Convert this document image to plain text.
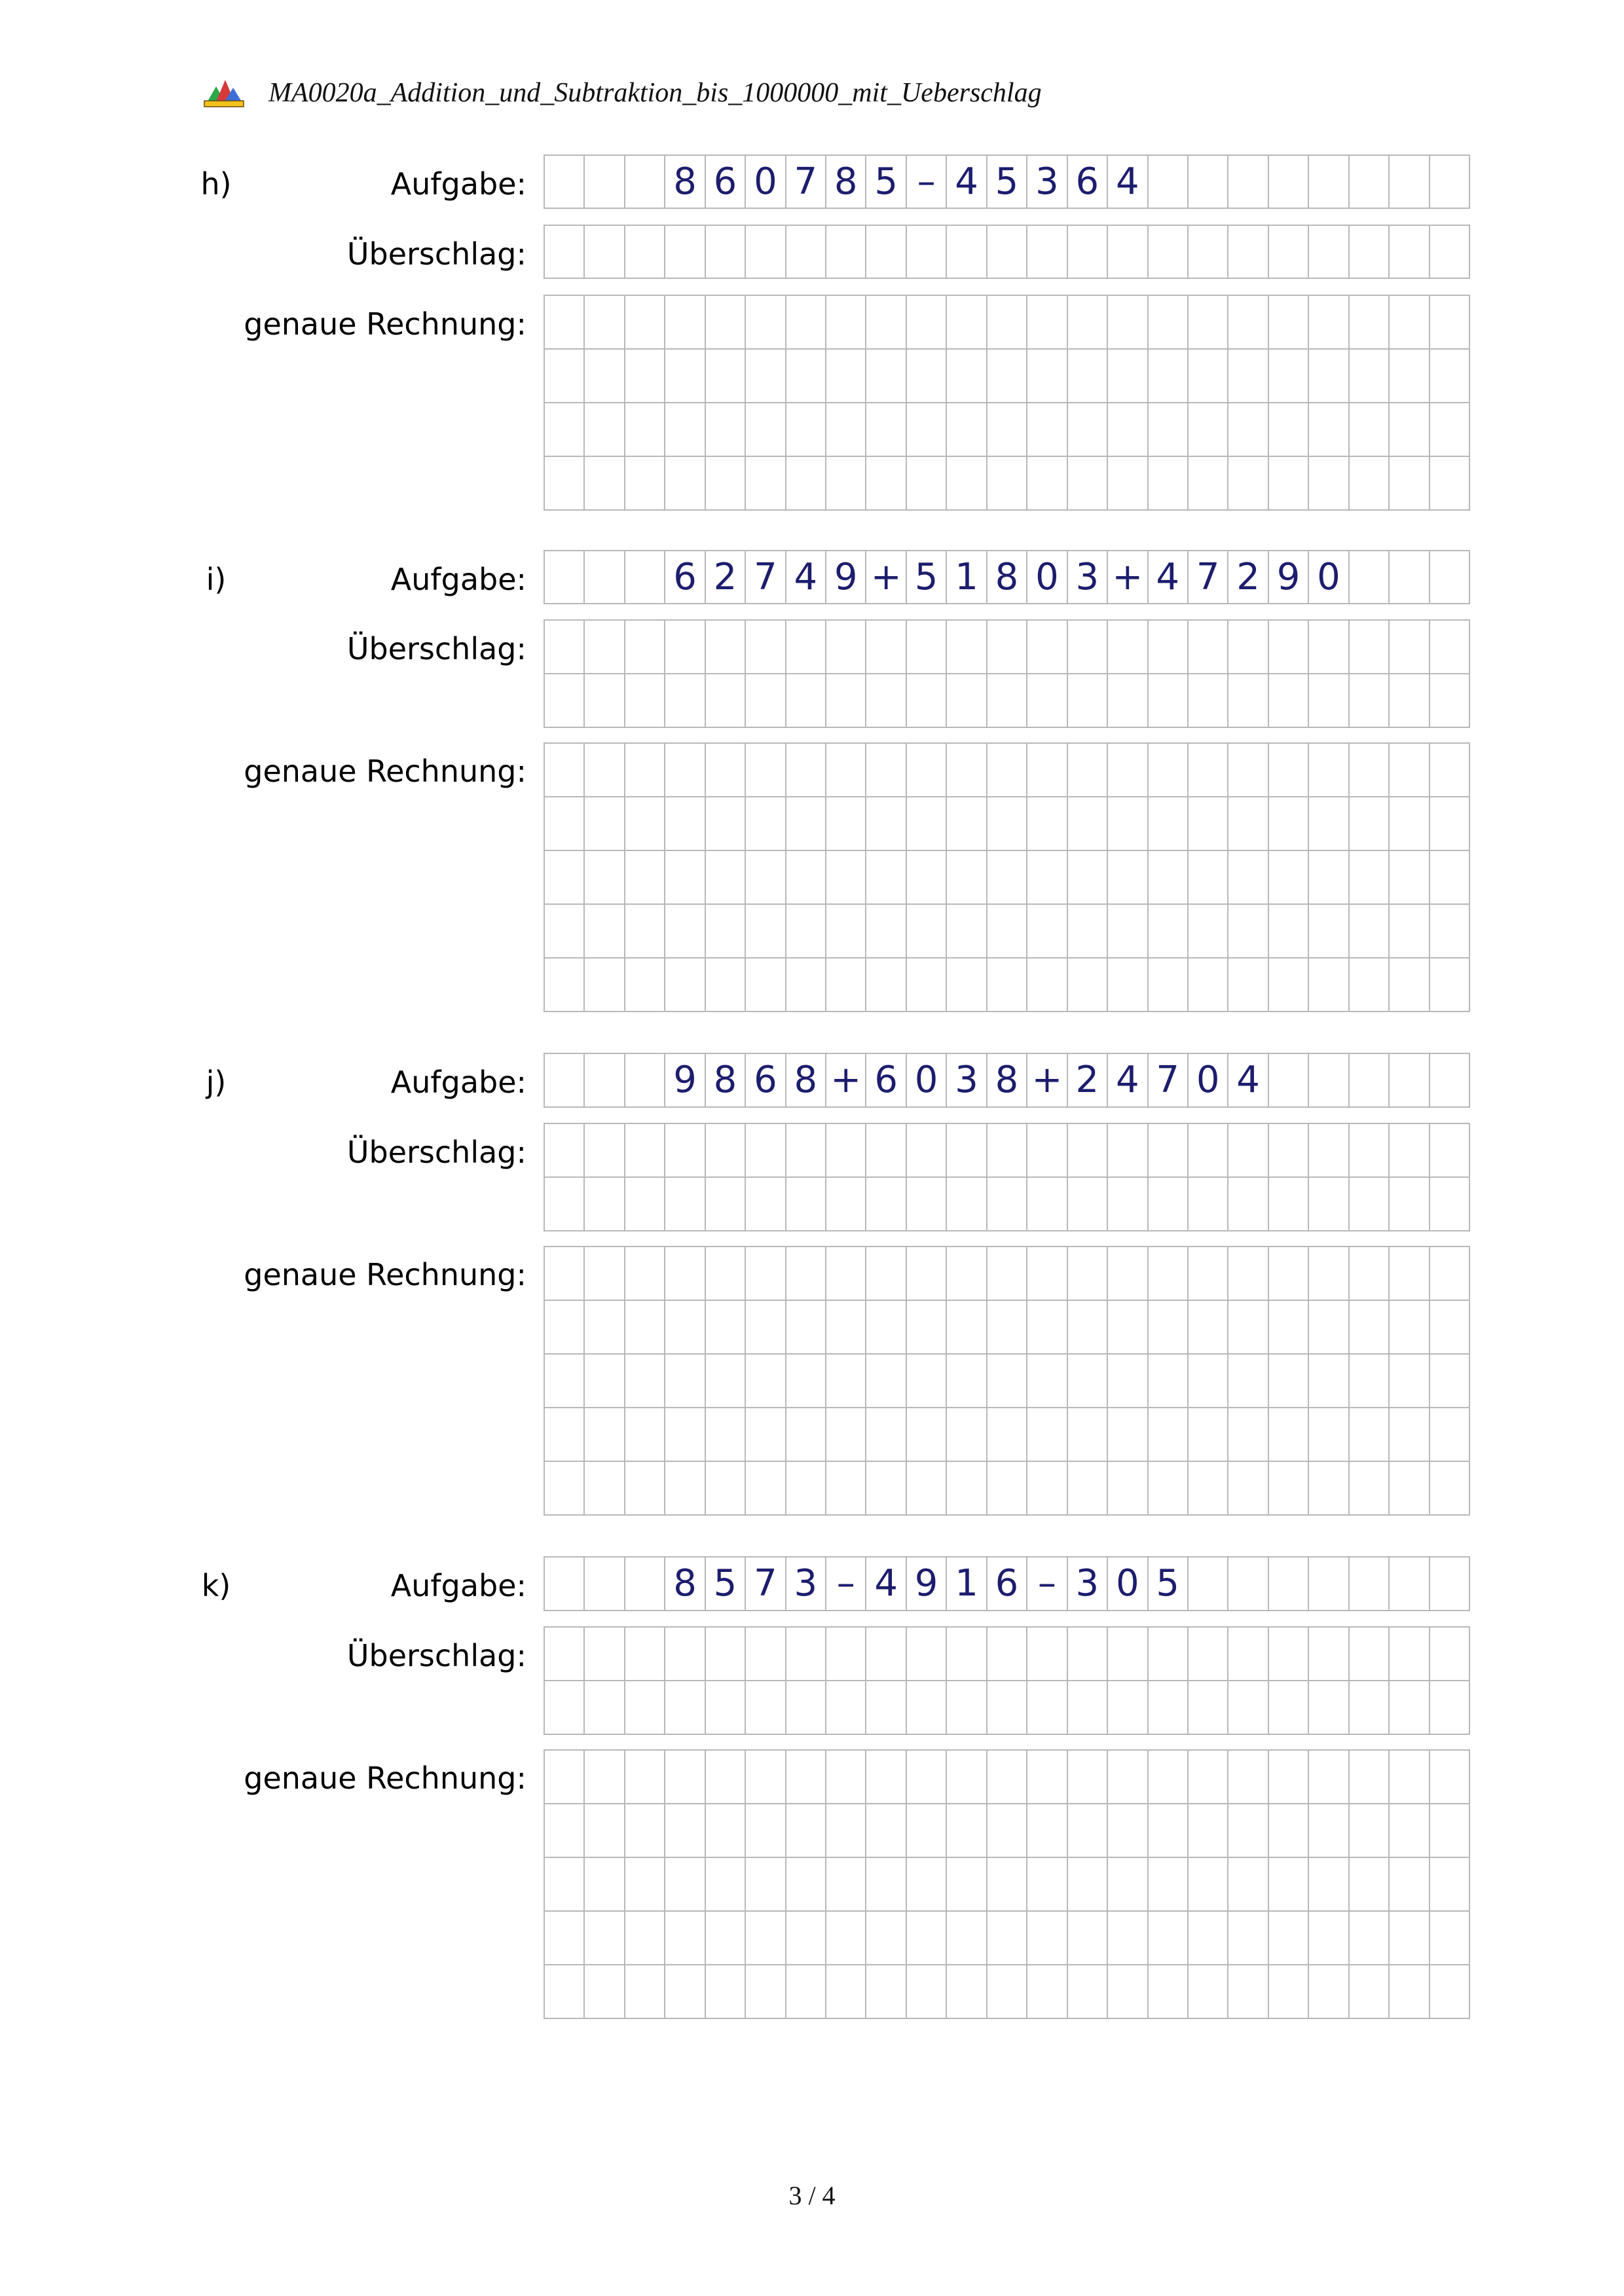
MA0020a_Addition_und_Subtraktion_bis_1000000_mit_Ueberschlag
h)	Aufgabe:	8 6 0 7 8 5 – 4 5 3 6 4
Überschlag:
genaue Rechnung:
i)	Aufgabe:	6 2 7 4 9 + 5 1 8 0 3 + 4 7 2 9 0
Überschlag:
genaue Rechnung:
j)	Aufgabe:	9 8 6 8 + 6 0 3 8 + 2 4 7 0 4
Überschlag:
genaue Rechnung:
k)	Aufgabe:	8 5 7 3 – 4 9 1 6 – 3 0 5
Überschlag:
genaue Rechnung:
3 / 4
